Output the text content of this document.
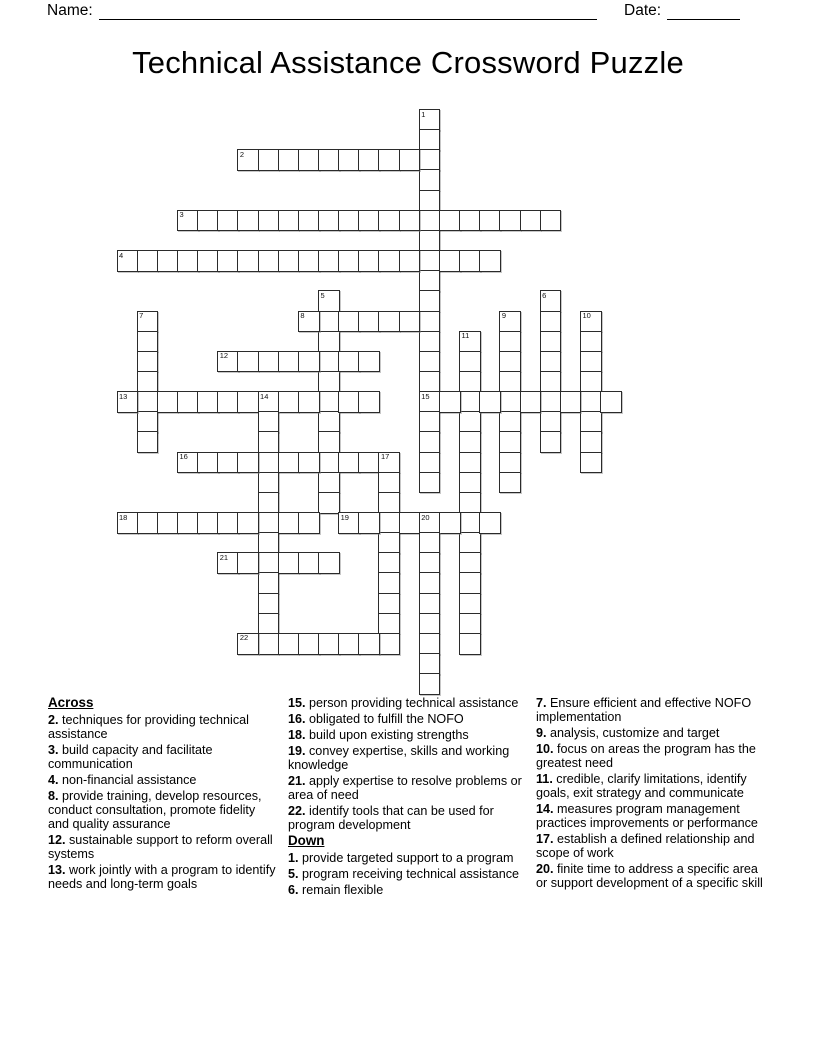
Name:	Date:
Technical Assistance Crossword Puzzle
1
15
2
3
4
5	6
7	8	9	10
11
12
13	14
16	17
18	19	20
21
22
Across
2. techniques for providing technical assistance
3. build capacity and facilitate communication
4. non-financial assistance
8. provide training, develop resources, conduct consultation, promote fidelity and quality assurance
12. sustainable support to reform overall systems
13. work jointly with a program to identify needs and long-term goals
15. person providing technical assistance
16. obligated to fulfill the NOFO
18. build upon existing strengths
19. convey expertise, skills and working knowledge
21. apply expertise to resolve problems or area of need
22. identify tools that can be used for program development
Down
1. provide targeted support to a program
5. program receiving technical assistance
6. remain flexible
7. Ensure efficient and effective NOFO implementation
9. analysis, customize and target
10. focus on areas the program has the greatest need
11. credible, clarify limitations, identify goals, exit strategy and communicate
14. measures program management practices improvements or performance
17. establish a defined relationship and scope of work
20. finite time to address a specific area or support development of a specific skill
